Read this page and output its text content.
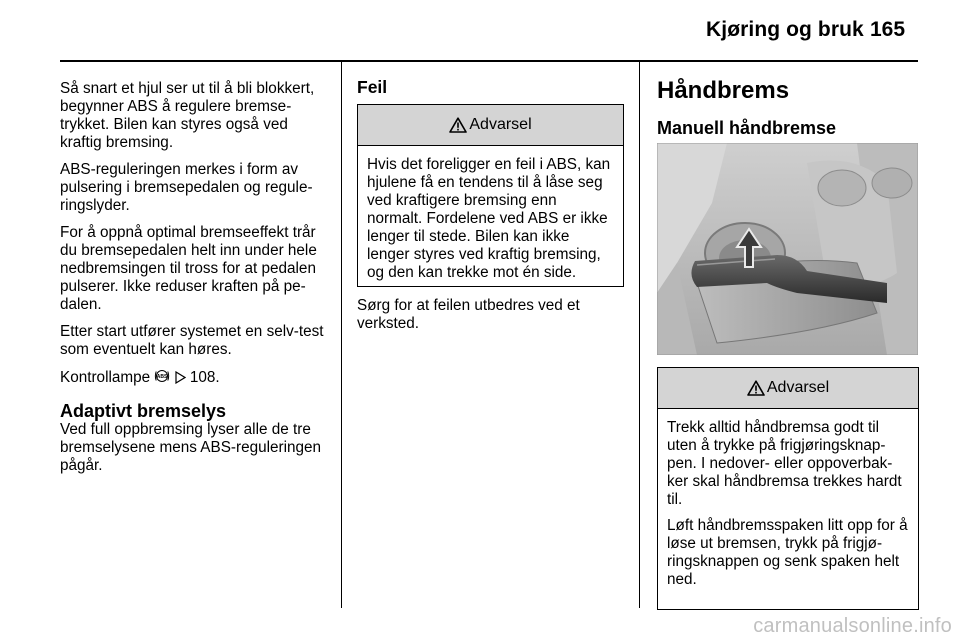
Kjøring og bruk 165

Så snart et hjul ser ut til å bli blokkert, begynner ABS å regulere bremse-trykket. Bilen kan styres også ved kraftig bremsing.

ABS-reguleringen merkes i form av pulsering i bremsepedalen og regule-ringslyder.

For å oppnå optimal bremseeffekt trår du bremsepedalen helt inn under hele nedbremsingen til tross for at pedalen pulserer. Ikke reduser kraften på pe-dalen.

Etter start utfører systemet en selv-test som eventuelt kan høres.

Kontrollampe ABS 108.

Adaptivt bremselys

Ved full oppbremsing lyser alle de tre bremselysene mens ABS-reguleringen pågår.

Feil
Advarsel

Hvis det foreligger en feil i ABS, kan hjulene få en tendens til å låse seg ved kraftigere bremsing enn normalt. Fordelene ved ABS er ikke lenger til stede. Bilen kan ikke lenger styres ved kraftig bremsing, og den kan trekke mot én side.

Sørg for at feilen utbedres ved et verksted.

Håndbrems
Manuell håndbremse
Advarsel

Trekk alltid håndbremsa godt til uten å trykke på frigjøringsknap-pen. I nedover- eller oppoverbak-ker skal håndbremsa trekkes hardt til.

Løft håndbremsspaken litt opp for å løse ut bremsen, trykk på frigjø-ringsknappen og senk spaken helt ned.

carmanualsonline.info
